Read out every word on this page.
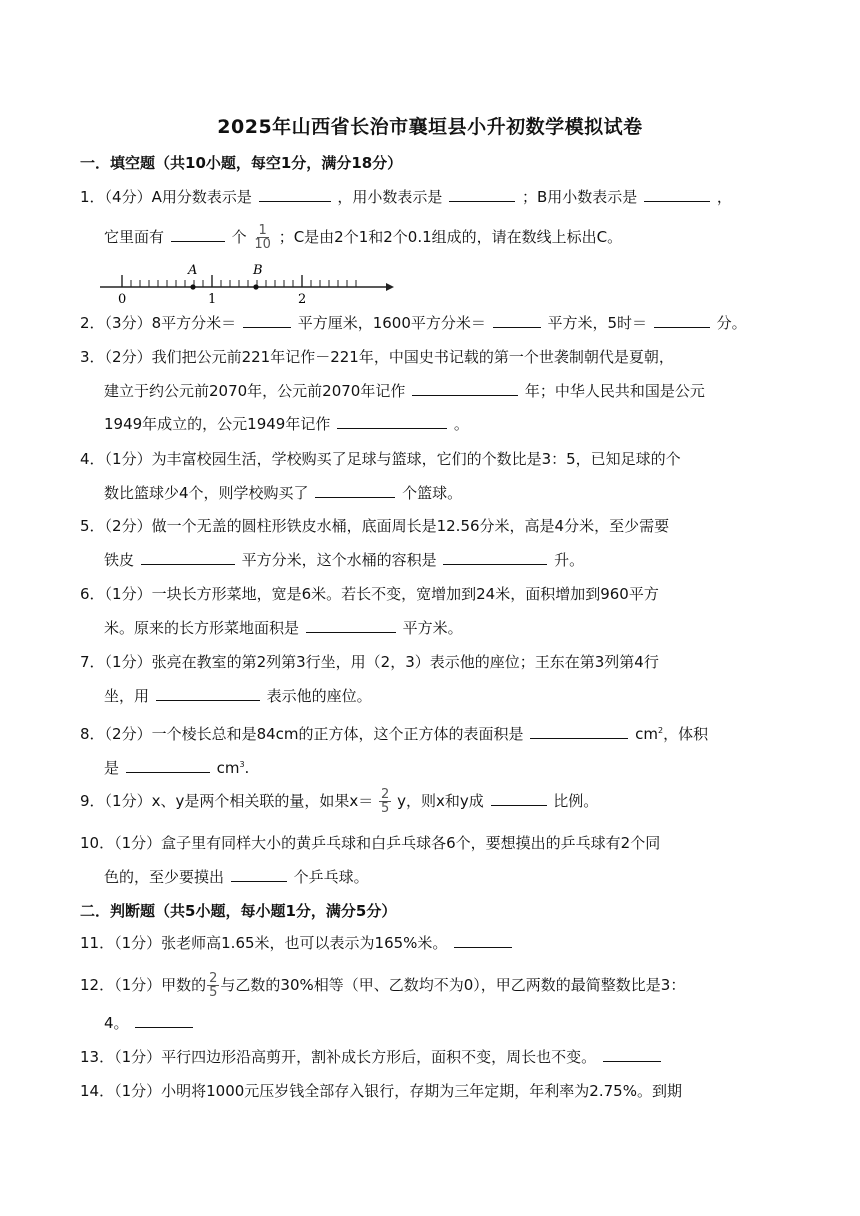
2025年山西省长治市襄垣县小升初数学模拟试卷
一．填空题（共10小题，每空1分，满分18分）
1．（4分）A用分数表示是	，用小数表示是	；B用小数表示是	，
它里面有	个 $\frac{1}{10}$ ；C是由2个1和2个0.1组成的，请在数线上标出C。
A	B
0	1	2
2．（3分）8平方分米＝	平方厘米，1600平方分米＝	平方米，5时＝	分。
3．（2分）我们把公元前221年记作－221年，中国史书记载的第一个世袭制朝代是夏朝，
建立于约公元前2070年，公元前2070年记作	年；中华人民共和国是公元
1949年成立的，公元1949年记作	。
4．（1分）为丰富校园生活，学校购买了足球与篮球，它们的个数比是3：5，已知足球的个
数比篮球少4个，则学校购买了	个篮球。
5．（2分）做一个无盖的圆柱形铁皮水桶，底面周长是12.56分米，高是4分米，至少需要
铁皮	平方分米，这个水桶的容积是	升。
6．（1分）一块长方形菜地，宽是6米。若长不变，宽增加到24米，面积增加到960平方
米。原来的长方形菜地面积是	平方米。
7．（1分）张亮在教室的第2列第3行坐，用（2，3）表示他的座位；王东在第3列第4行
坐，用	表示他的座位。
8．（2分）一个棱长总和是84cm的正方体，这个正方体的表面积是	$cm^2$，体积
是	$cm^3$.
9．（1分）x、y是两个相关联的量，如果$x= \frac{2}{5}$ y，则x和y成	比例。
10．（1分）盒子里有同样大小的黄乒乓球和白乒乓球各6个，要想摸出的乒乓球有2个同
色的，至少要摸出	个乒乓球。
二．判断题（共5小题，每小题1分，满分5分）
11．（1分）张老师高1.65米，也可以表示为165%米。
12．（1分）甲数的 $\frac{2}{5}$ 与乙数的30%相等（甲、乙数均不为0），甲乙两数的最简整数比是3：
4。
13．（1分）平行四边形沿高剪开，割补成长方形后，面积不变，周长也不变。
14．（1分）小明将1000元压岁钱全部存入银行，存期为三年定期，年利率为2.75%。到期
